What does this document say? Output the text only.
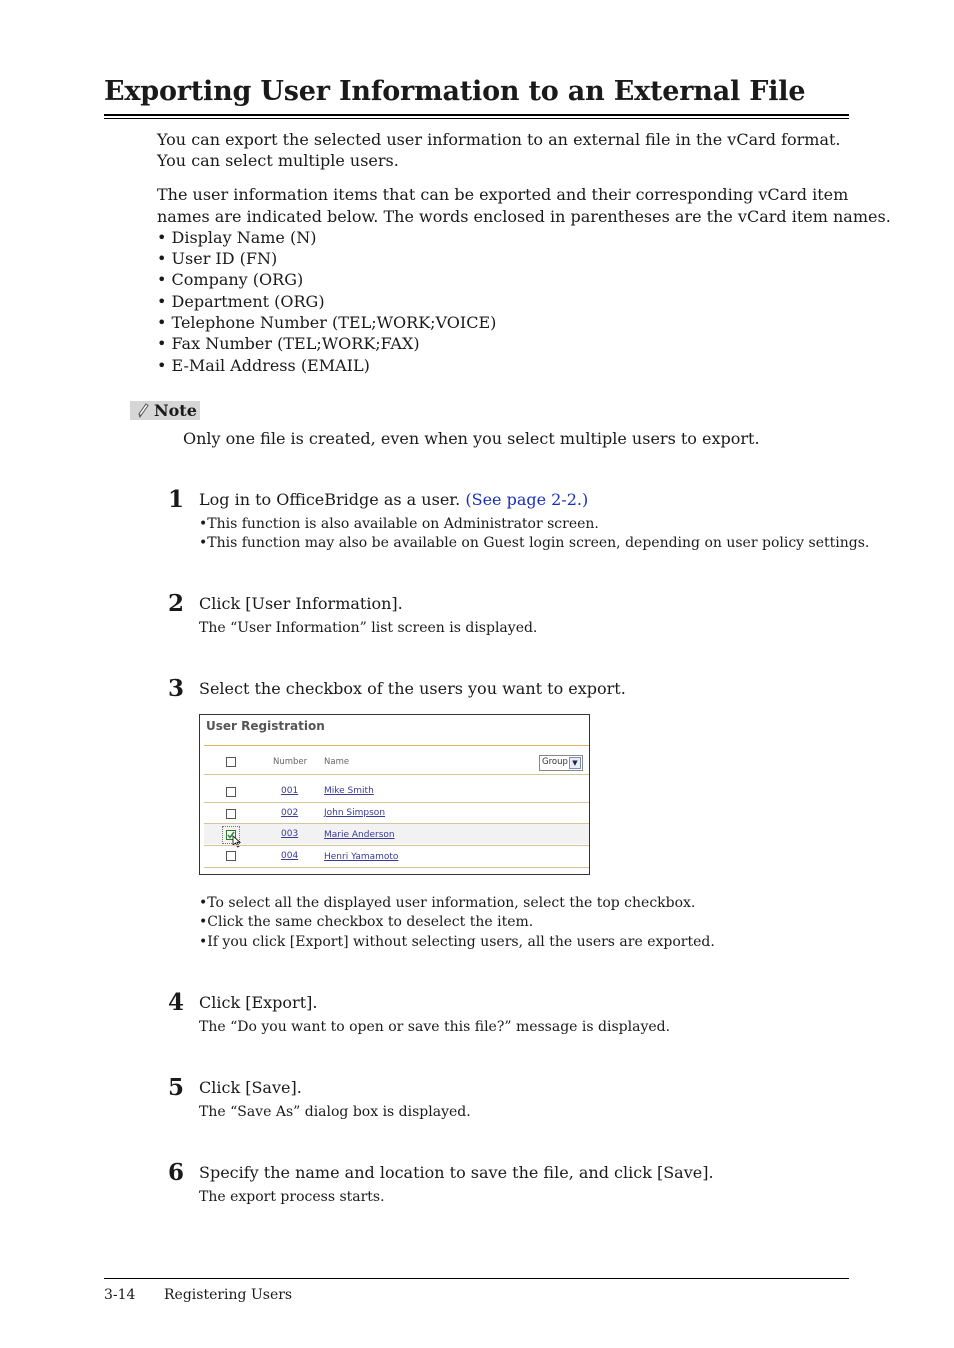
Exporting User Information to an External File
You can export the selected user information to an external file in the vCard format.
You can select multiple users.
The user information items that can be exported and their corresponding vCard item
names are indicated below. The words enclosed in parentheses are the vCard item names.
• Display Name (N)
• User ID (FN)
• Company (ORG)
• Department (ORG)
• Telephone Number (TEL;WORK;VOICE)
• Fax Number (TEL;WORK;FAX)
• E-Mail Address (EMAIL)
Note
Only one file is created, even when you select multiple users to export.
1 Log in to OfficeBridge as a user. (See page 2-2.)
•This function is also available on Administrator screen.
•This function may also be available on Guest login screen, depending on user policy settings.
2 Click [User Information].
The “User Information” list screen is displayed.
3 Select the checkbox of the users you want to export.
User Registration
Number Name	Group ▼
001	Mike Smith
002	John Simpson
003	Marie Anderson
004	Henri Yamamoto
•To select all the displayed user information, select the top checkbox.
•Click the same checkbox to deselect the item.
•If you click [Export] without selecting users, all the users are exported.
4 Click [Export].
The “Do you want to open or save this file?” message is displayed.
5 Click [Save].
The “Save As” dialog box is displayed.
6 Specify the name and location to save the file, and click [Save].
The export process starts.
3-14 Registering Users
